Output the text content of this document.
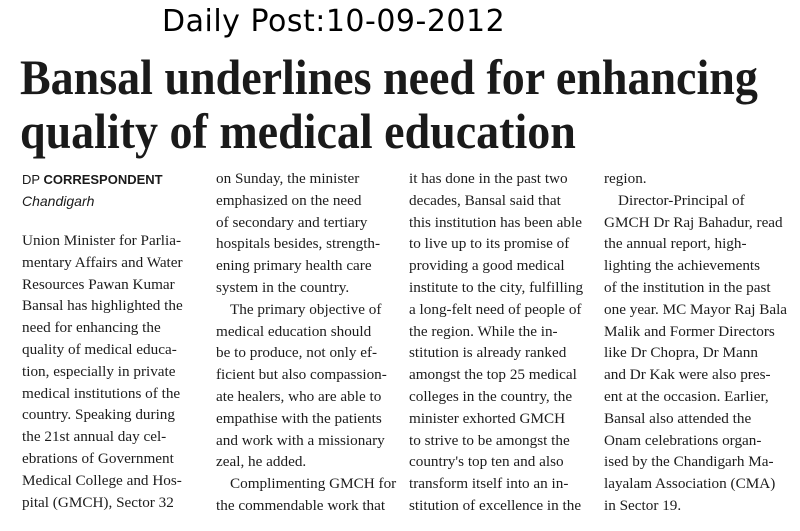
Daily Post:10-09-2012
Bansal underlines need for enhancing
quality of medical education
DP CORRESPONDENT
Chandigarh
Union Minister for Parlia-
mentary Affairs and Water
Resources Pawan Kumar
Bansal has highlighted the
need for enhancing the
quality of medical educa-
tion, especially in private
medical institutions of the
country. Speaking during
the 21st annual day cel-
ebrations of Government
Medical College and Hos-
pital (GMCH), Sector 32
on Sunday, the minister
emphasized on the need
of secondary and tertiary
hospitals besides, strength-
ening primary health care
system in the country.
The primary objective of
medical education should
be to produce, not only ef-
ficient but also compassion-
ate healers, who are able to
empathise with the patients
and work with a missionary
zeal, he added.
Complimenting GMCH for
the commendable work that
it has done in the past two
decades, Bansal said that
this institution has been able
to live up to its promise of
providing a good medical
institute to the city, fulfilling
a long-felt need of people of
the region. While the in-
stitution is already ranked
amongst the top 25 medical
colleges in the country, the
minister exhorted GMCH
to strive to be amongst the
country's top ten and also
transform itself into an in-
stitution of excellence in the
region.
Director-Principal of
GMCH Dr Raj Bahadur, read
the annual report, high-
lighting the achievements
of the institution in the past
one year. MC Mayor Raj Bala
Malik and Former Directors
like Dr Chopra, Dr Mann
and Dr Kak were also pres-
ent at the occasion. Earlier,
Bansal also attended the
Onam celebrations organ-
ised by the Chandigarh Ma-
layalam Association (CMA)
in Sector 19.
